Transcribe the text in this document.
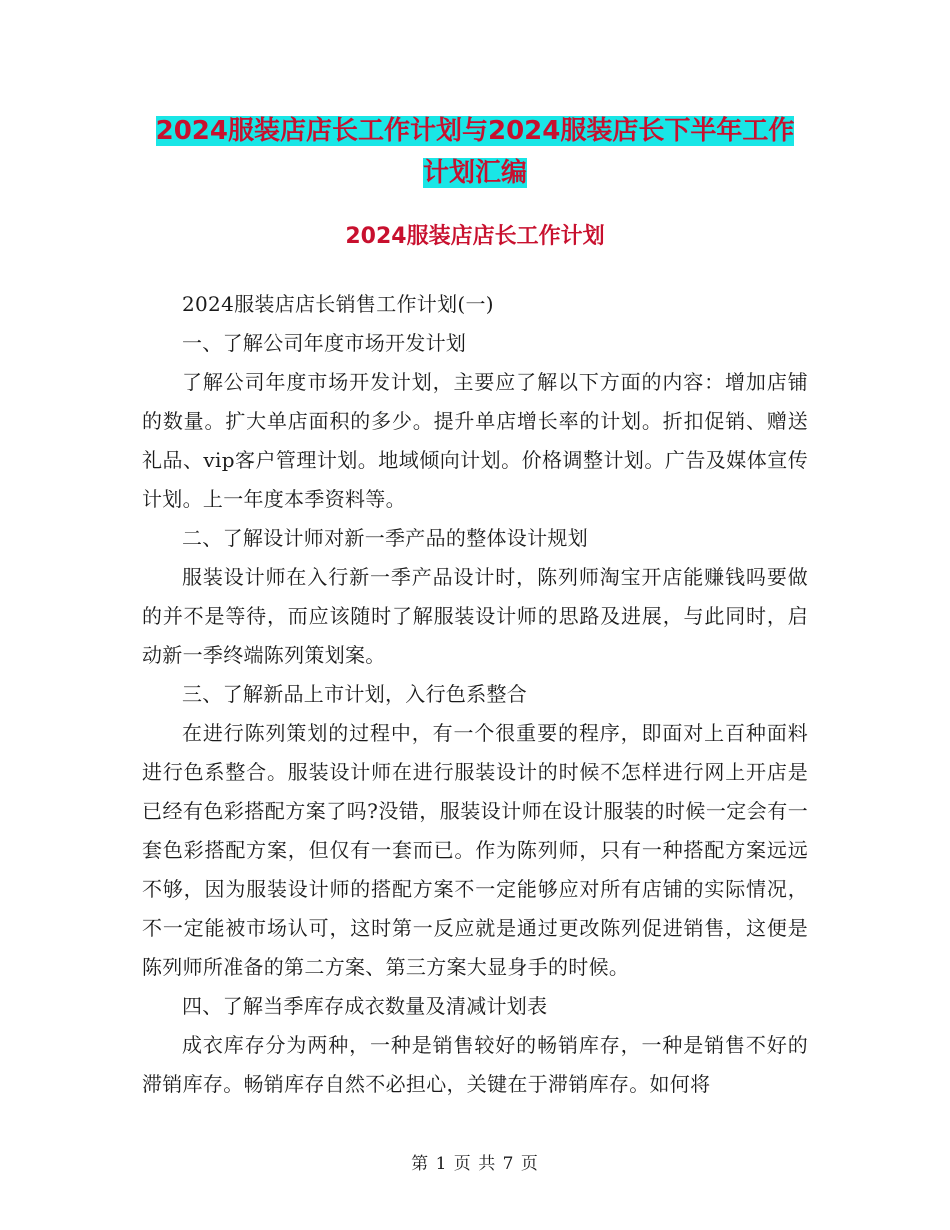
2024服装店店长工作计划与2024服装店长下半年工作
计划汇编
2024服装店店长工作计划

2024服装店店长销售工作计划(一)

一、了解公司年度市场开发计划

了解公司年度市场开发计划，主要应了解以下方面的内容：增加店铺的数量。扩大单店面积的多少。提升单店增长率的计划。折扣促销、赠送礼品、vip客户管理计划。地域倾向计划。价格调整计划。广告及媒体宣传计划。上一年度本季资料等。

二、了解设计师对新一季产品的整体设计规划

服装设计师在入行新一季产品设计时，陈列师淘宝开店能赚钱吗要做的并不是等待，而应该随时了解服装设计师的思路及进展，与此同时，启动新一季终端陈列策划案。

三、了解新品上市计划，入行色系整合

在进行陈列策划的过程中，有一个很重要的程序，即面对上百种面料进行色系整合。服装设计师在进行服装设计的时候不怎样进行网上开店是已经有色彩搭配方案了吗?没错，服装设计师在设计服装的时候一定会有一套色彩搭配方案，但仅有一套而已。作为陈列师，只有一种搭配方案远远不够，因为服装设计师的搭配方案不一定能够应对所有店铺的实际情况，不一定能被市场认可，这时第一反应就是通过更改陈列促进销售，这便是陈列师所准备的第二方案、第三方案大显身手的时候。

四、了解当季库存成衣数量及清减计划表

成衣库存分为两种，一种是销售较好的畅销库存，一种是销售不好的滞销库存。畅销库存自然不必担心，关键在于滞销库存。如何将

第 1 页 共 7 页
